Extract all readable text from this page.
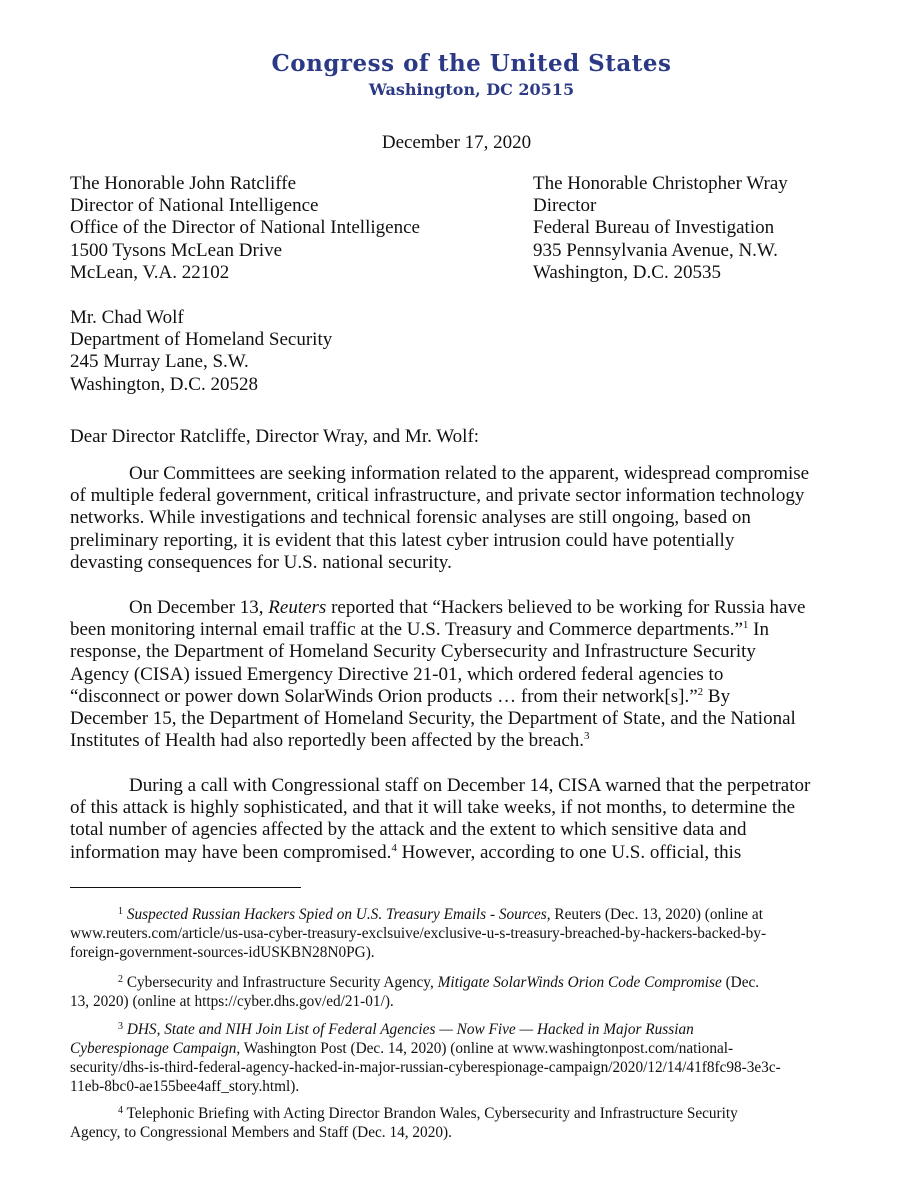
Congress of the United States
Washington, DC 20515
December 17, 2020
The Honorable John Ratcliffe
Director of National Intelligence
Office of the Director of National Intelligence
1500 Tysons McLean Drive
McLean, V.A. 22102
The Honorable Christopher Wray
Director
Federal Bureau of Investigation
935 Pennsylvania Avenue, N.W.
Washington, D.C. 20535
Mr. Chad Wolf
Department of Homeland Security
245 Murray Lane, S.W.
Washington, D.C. 20528
Dear Director Ratcliffe, Director Wray, and Mr. Wolf:
Our Committees are seeking information related to the apparent, widespread compromise
of multiple federal government, critical infrastructure, and private sector information technology
networks. While investigations and technical forensic analyses are still ongoing, based on
preliminary reporting, it is evident that this latest cyber intrusion could have potentially
devasting consequences for U.S. national security.
On December 13, Reuters reported that “Hackers believed to be working for Russia have
been monitoring internal email traffic at the U.S. Treasury and Commerce departments.”$^1$ In
response, the Department of Homeland Security Cybersecurity and Infrastructure Security
Agency (CISA) issued Emergency Directive 21-01, which ordered federal agencies to
“disconnect or power down SolarWinds Orion products … from their network[s].”$^2$ By
December 15, the Department of Homeland Security, the Department of State, and the National
Institutes of Health had also reportedly been affected by the breach.$^3$
During a call with Congressional staff on December 14, CISA warned that the perpetrator
of this attack is highly sophisticated, and that it will take weeks, if not months, to determine the
total number of agencies affected by the attack and the extent to which sensitive data and
information may have been compromised.$^4$ However, according to one U.S. official, this
$^1$ Suspected Russian Hackers Spied on U.S. Treasury Emails - Sources, Reuters (Dec. 13, 2020) (online at
www.reuters.com/article/us-usa-cyber-treasury-exclsuive/exclusive-u-s-treasury-breached-by-hackers-backed-by-
foreign-government-sources-idUSKBN28N0PG).
$^2$ Cybersecurity and Infrastructure Security Agency, Mitigate SolarWinds Orion Code Compromise (Dec.
13, 2020) (online at https://cyber.dhs.gov/ed/21-01/).
$^3$ DHS, State and NIH Join List of Federal Agencies — Now Five — Hacked in Major Russian
Cyberespionage Campaign, Washington Post (Dec. 14, 2020) (online at www.washingtonpost.com/national-
security/dhs-is-third-federal-agency-hacked-in-major-russian-cyberespionage-campaign/2020/12/14/41f8fc98-3e3c-
11eb-8bc0-ae155bee4aff_story.html).
$^4$ Telephonic Briefing with Acting Director Brandon Wales, Cybersecurity and Infrastructure Security
Agency, to Congressional Members and Staff (Dec. 14, 2020).
